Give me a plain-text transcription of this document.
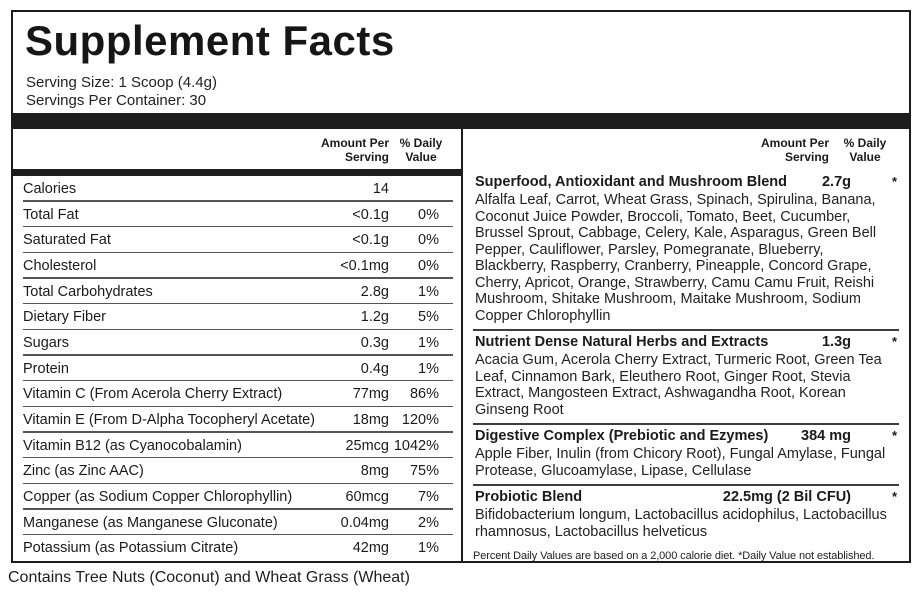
Supplement Facts
Serving Size: 1 Scoop (4.4g)
Servings Per Container: 30
Amount Per Serving
% Daily Value
Calories	14
Total Fat	<0.1g	0%
Saturated Fat	<0.1g	0%
Cholesterol	<0.1mg	0%
Total Carbohydrates	2.8g	1%
Dietary Fiber	1.2g	5%
Sugars	0.3g	1%
Protein	0.4g	1%
Vitamin C (From Acerola Cherry Extract)	77mg	86%
Vitamin E (From D-Alpha Tocopheryl Acetate)	18mg 120%
Vitamin B12 (as Cyanocobalamin)	25mcg 1042%
Zinc (as Zinc AAC)	8mg	75%
Copper (as Sodium Copper Chlorophyllin)	60mcg	7%
Manganese (as Manganese Gluconate)	0.04mg	2%
Potassium (as Potassium Citrate)	42mg	1%
Amount Per Serving
% Daily Value
Superfood, Antioxidant and Mushroom Blend	2.7g	*
Alfalfa Leaf, Carrot, Wheat Grass, Spinach, Spirulina, Banana, Coconut Juice Powder, Broccoli, Tomato, Beet, Cucumber, Brussel Sprout, Cabbage, Celery, Kale, Asparagus, Green Bell Pepper, Cauliflower, Parsley, Pomegranate, Blueberry, Blackberry, Raspberry, Cranberry, Pineapple, Concord Grape, Cherry, Apricot, Orange, Strawberry, Camu Camu Fruit, Reishi Mushroom, Shitake Mushroom, Maitake Mushroom, Sodium Copper Chlorophyllin
Nutrient Dense Natural Herbs and Extracts	1.3g	*
Acacia Gum, Acerola Cherry Extract, Turmeric Root, Green Tea Leaf, Cinnamon Bark, Eleuthero Root, Ginger Root, Stevia Extract, Mangosteen Extract, Ashwagandha Root, Korean Ginseng Root
Digestive Complex (Prebiotic and Ezymes)	384 mg	*
Apple Fiber, Inulin (from Chicory Root), Fungal Amylase, Fungal Protease, Glucoamylase, Lipase, Cellulase
Probiotic Blend	22.5mg (2 Bil CFU)	*
Bifidobacterium longum, Lactobacillus acidophilus, Lactobacillus rhamnosus, Lactobacillus helveticus
Percent Daily Values are based on a 2,000 calorie diet. *Daily Value not established.
Contains Tree Nuts (Coconut) and Wheat Grass (Wheat)
